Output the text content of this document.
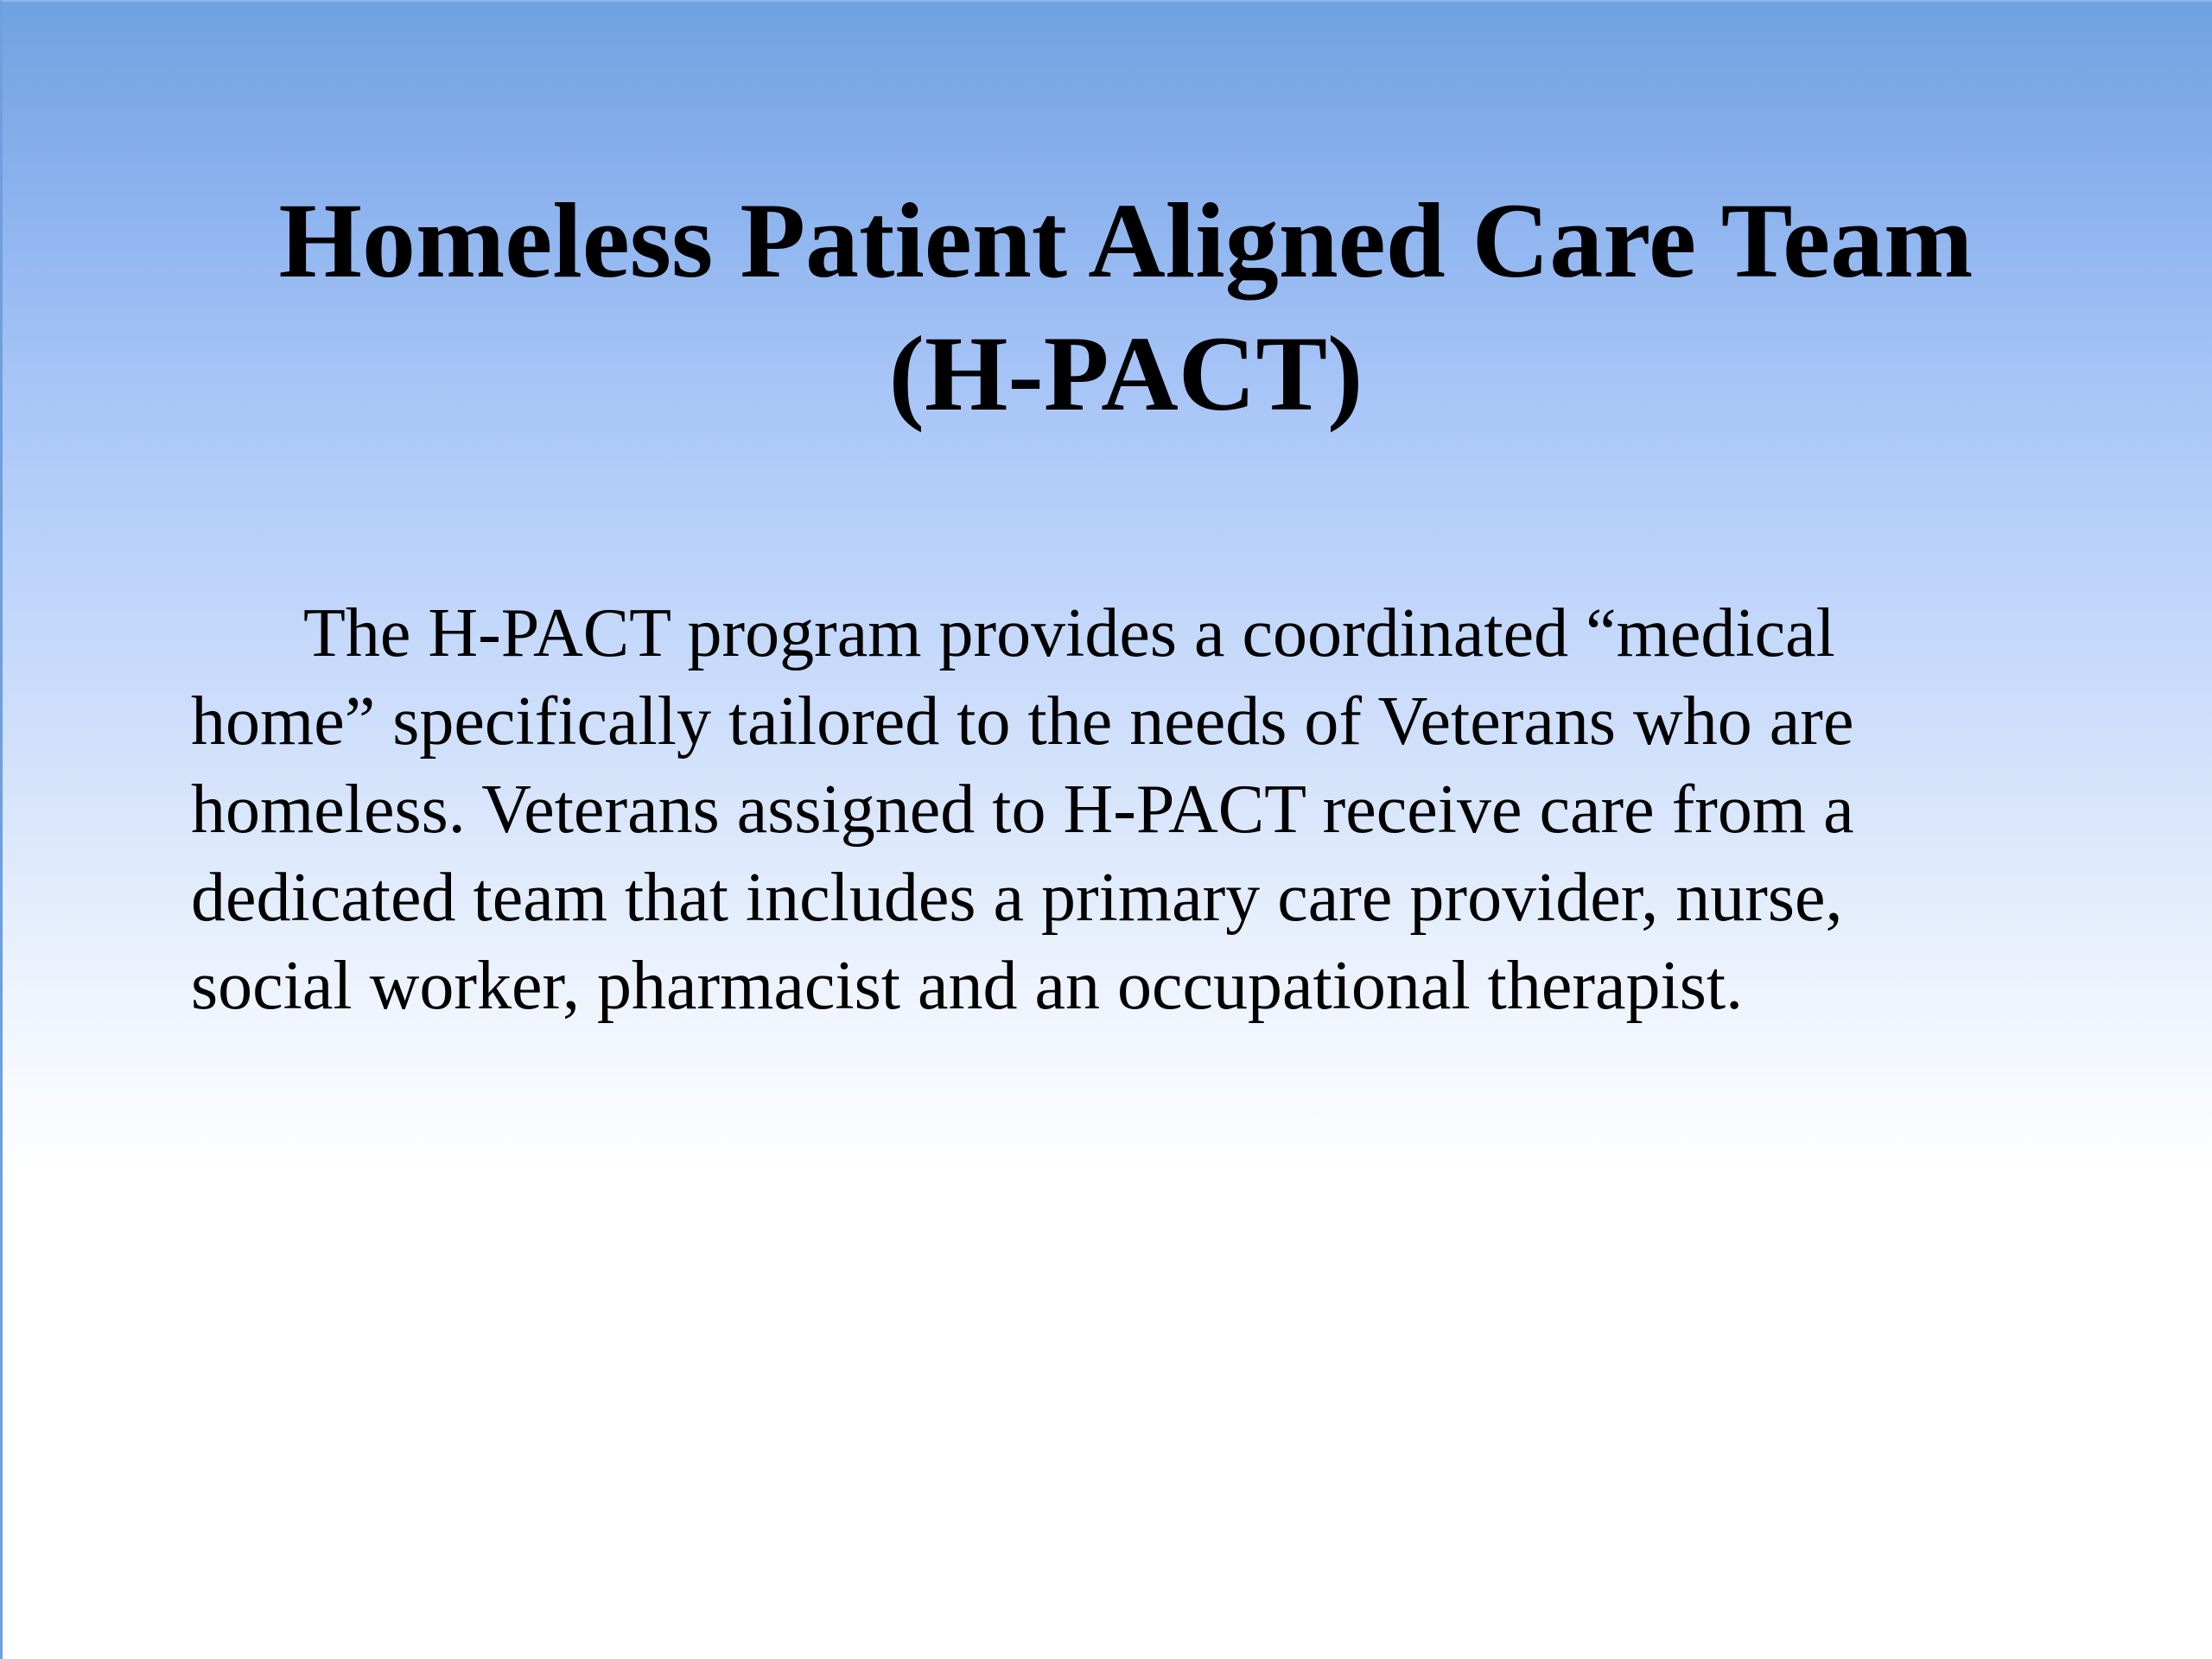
Homeless Patient Aligned Care Team
(H-PACT)

The H-PACT program provides a coordinated “medical home” specifically tailored to the needs of Veterans who are homeless. Veterans assigned to H-PACT receive care from a dedicated team that includes a primary care provider, nurse, social worker, pharmacist and an occupational therapist.
